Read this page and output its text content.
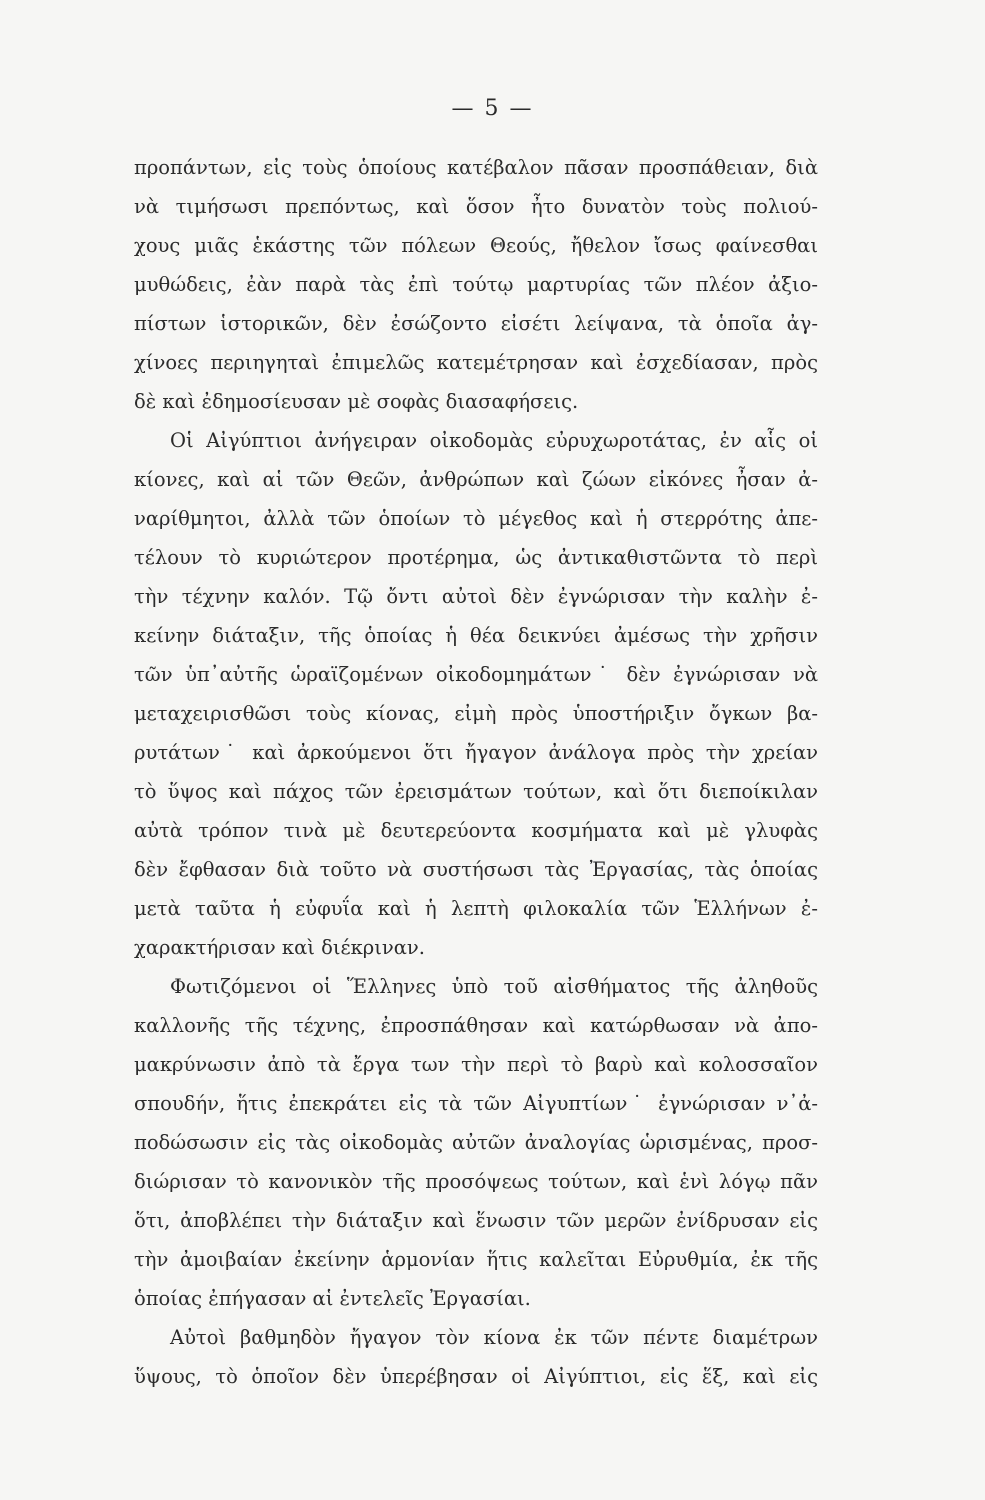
— 5 —
προπάντων, εἰς τοὺς ὁποίους κατέβαλον πᾶσαν προσπάθειαν, διὰ
νὰ τιμήσωσι πρεπόντως, καὶ ὅσον ἦτο δυνατὸν τοὺς πολιού-
χους μιᾶς ἑκάστης τῶν πόλεων Θεούς, ἤθελον ἴσως φαίνεσθαι
μυθώδεις, ἐὰν παρὰ τὰς ἐπὶ τούτῳ μαρτυρίας τῶν πλέον ἀξιο-
πίστων ἱστορικῶν, δὲν ἐσώζοντο εἰσέτι λείψανα, τὰ ὁποῖα ἀγ-
χίνοες περιηγηταὶ ἐπιμελῶς κατεμέτρησαν καὶ ἐσχεδίασαν, πρὸς
δὲ καὶ ἐδημοσίευσαν μὲ σοφὰς διασαφήσεις.
Οἱ Αἰγύπτιοι ἀνήγειραν οἰκοδομὰς εὐρυχωροτάτας, ἐν αἷς οἱ
κίονες, καὶ αἱ τῶν Θεῶν, ἀνθρώπων καὶ ζώων εἰκόνες ἦσαν ἀ-
ναρίθμητοι, ἀλλὰ τῶν ὁποίων τὸ μέγεθος καὶ ἡ στερρότης ἀπε-
τέλουν τὸ κυριώτερον προτέρημα, ὡς ἀντικαθιστῶντα τὸ περὶ
τὴν τέχνην καλόν. Τῷ ὄντι αὐτοὶ δὲν ἐγνώρισαν τὴν καλὴν ἐ-
κείνην διάταξιν, τῆς ὁποίας ἡ θέα δεικνύει ἀμέσως τὴν χρῆσιν
τῶν ὑπ᾽αὐτῆς ὡραϊζομένων οἰκοδομημάτων˙ δὲν ἐγνώρισαν νὰ
μεταχειρισθῶσι τοὺς κίονας, εἰμὴ πρὸς ὑποστήριξιν ὄγκων βα-
ρυτάτων˙ καὶ ἀρκούμενοι ὅτι ἤγαγον ἀνάλογα πρὸς τὴν χρείαν
τὸ ὕψος καὶ πάχος τῶν ἐρεισμάτων τούτων, καὶ ὅτι διεποίκιλαν
αὐτὰ τρόπον τινὰ μὲ δευτερεύοντα κοσμήματα καὶ μὲ γλυφὰς
δὲν ἔφθασαν διὰ τοῦτο νὰ συστήσωσι τὰς Ἐργασίας, τὰς ὁποίας
μετὰ ταῦτα ἡ εὐφυΐα καὶ ἡ λεπτὴ φιλοκαλία τῶν Ἑλλήνων ἐ-
χαρακτήρισαν καὶ διέκριναν.
Φωτιζόμενοι οἱ Ἕλληνες ὑπὸ τοῦ αἰσθήματος τῆς ἀληθοῦς
καλλονῆς τῆς τέχνης, ἐπροσπάθησαν καὶ κατώρθωσαν νὰ ἀπο-
μακρύνωσιν ἀπὸ τὰ ἔργα των τὴν περὶ τὸ βαρὺ καὶ κολοσσαῖον
σπουδήν, ἥτις ἐπεκράτει εἰς τὰ τῶν Αἰγυπτίων˙ ἐγνώρισαν ν᾽ἀ-
ποδώσωσιν εἰς τὰς οἰκοδομὰς αὐτῶν ἀναλογίας ὡρισμένας, προσ-
διώρισαν τὸ κανονικὸν τῆς προσόψεως τούτων, καὶ ἑνὶ λόγῳ πᾶν
ὅτι, ἀποβλέπει τὴν διάταξιν καὶ ἕνωσιν τῶν μερῶν ἐνίδρυσαν εἰς
τὴν ἀμοιβαίαν ἐκείνην ἁρμονίαν ἥτις καλεῖται Εὐρυθμία, ἐκ τῆς
ὁποίας ἐπήγασαν αἱ ἐντελεῖς Ἐργασίαι.
Αὐτοὶ βαθμηδὸν ἤγαγον τὸν κίονα ἐκ τῶν πέντε διαμέτρων
ὕψους, τὸ ὁποῖον δὲν ὑπερέβησαν οἱ Αἰγύπτιοι, εἰς ἕξ, καὶ εἰς
